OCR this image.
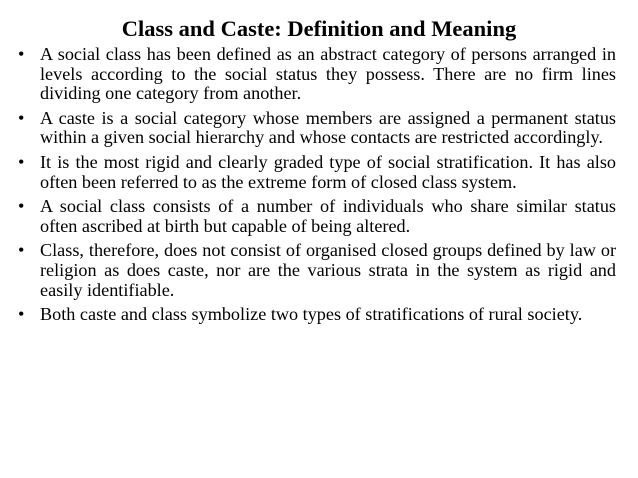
Class and Caste: Definition and Meaning
• A social class has been defined as an abstract category of persons arranged in levels according to the social status they possess. There are no firm lines dividing one category from another.
• A caste is a social category whose members are assigned a permanent status within a given social hierarchy and whose contacts are restricted accordingly.
• It is the most rigid and clearly graded type of social stratification. It has also often been referred to as the extreme form of closed class system.
• A social class consists of a number of individuals who share similar status often ascribed at birth but capable of being altered.
• Class, therefore, does not consist of organised closed groups defined by law or religion as does caste, nor are the various strata in the system as rigid and easily identifiable.
• Both caste and class symbolize two types of stratifications of rural society.
